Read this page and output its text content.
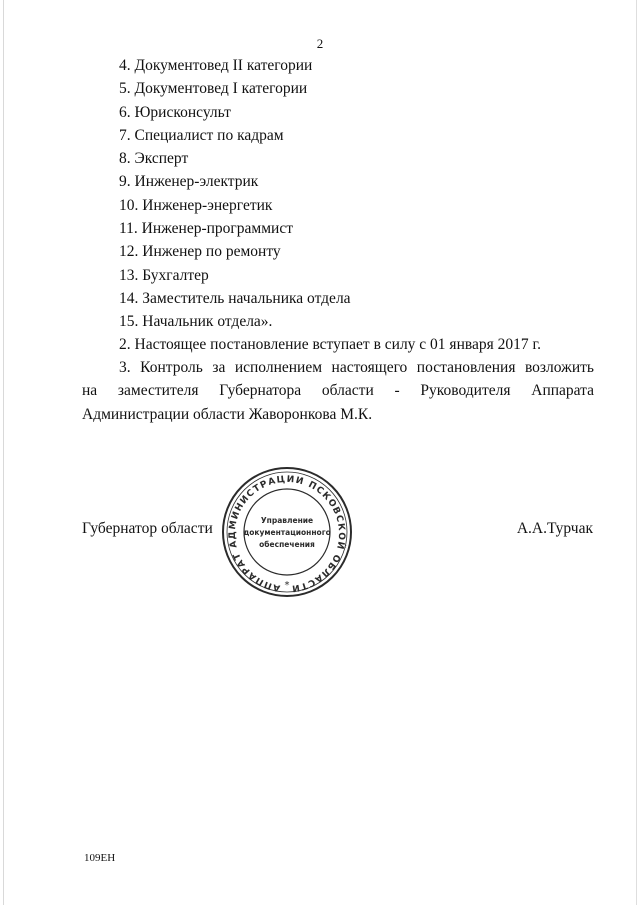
2
4. Документовед II категории
5. Документовед I категории
6. Юрисконсульт
7. Специалист по кадрам
8. Эксперт
9. Инженер-электрик
10. Инженер-энергетик
11. Инженер-программист
12. Инженер по ремонту
13. Бухгалтер
14. Заместитель начальника отдела
15. Начальник отдела».
2. Настоящее постановление вступает в силу с 01 января 2017 г.
3. Контроль за исполнением настоящего постановления возложить
на заместителя Губернатора области - Руководителя Аппарата
Администрации области Жаворонкова М.К.
Губернатор области	А.А.Турчак
АППАРАТ АДМИНИСТРАЦИИ ПСКОВСКОЙ ОБЛАСТИ
Управление
документационного
обеспечения
*
109ЕН
